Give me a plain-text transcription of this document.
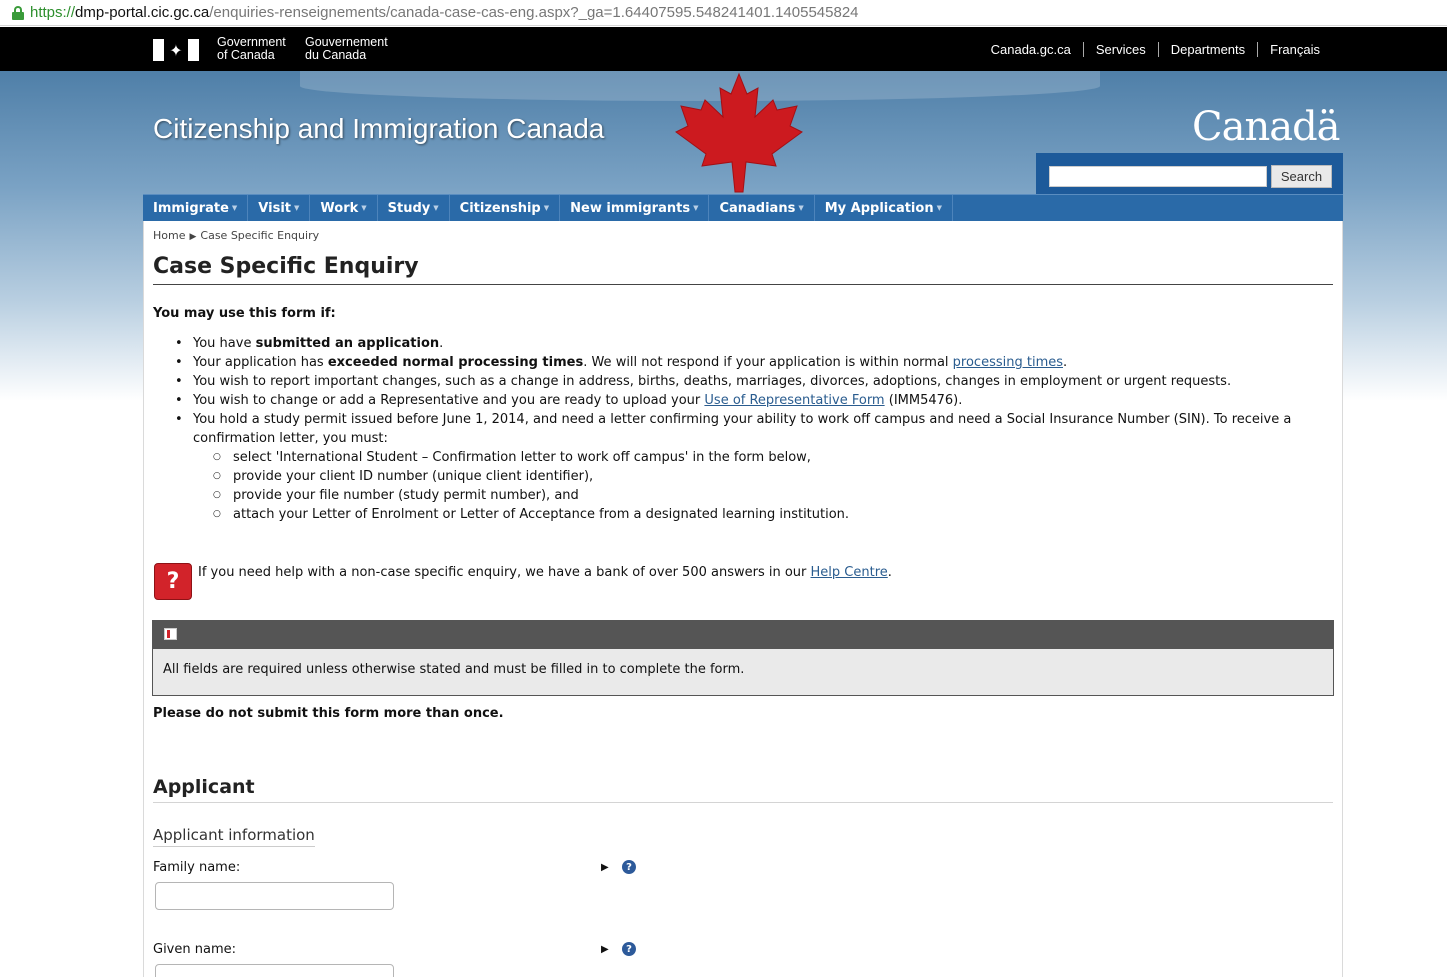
https:// dmp-portal.cic.gc.ca /enquiries-renseignements/canada-case-cas-eng.aspx?_ga=1.64407595.548241401.1405545824
✦	Government
of Canada
Gouvernement
du Canada	Canada.gc.ca	Services	Departments	Français
Citizenship and Immigration Canada	Canadä
Search
Immigrate ▼ Visit ▼ Work ▼ Study ▼ Citizenship ▼ New immigrants ▼ Canadians ▼ My Application ▼
Home ▶ Case Specific Enquiry
Case Specific Enquiry
You may use this form if:
• You have submitted an application.
• Your application has exceeded normal processing times. We will not respond if your application is within normal processing times.
• You wish to report important changes, such as a change in address, births, deaths, marriages, divorces, adoptions, changes in employment or urgent requests.
• You wish to change or add a Representative and you are ready to upload your Use of Representative Form (IMM5476).
• You hold a study permit issued before June 1, 2014, and need a letter confirming your ability to work off campus and need a Social Insurance Number (SIN). To receive a confirmation letter, you must:
○ select 'International Student – Confirmation letter to work off campus' in the form below,
○ provide your client ID number (unique client identifier),
○ provide your file number (study permit number), and
○ attach your Letter of Enrolment or Letter of Acceptance from a designated learning institution.
?	If you need help with a non-case specific enquiry, we have a bank of over 500 answers in our Help Centre.
All fields are required unless otherwise stated and must be filled in to complete the form.
Please do not submit this form more than once.
Applicant
Applicant information
Family name:	▶	?
Given name:	▶	?
